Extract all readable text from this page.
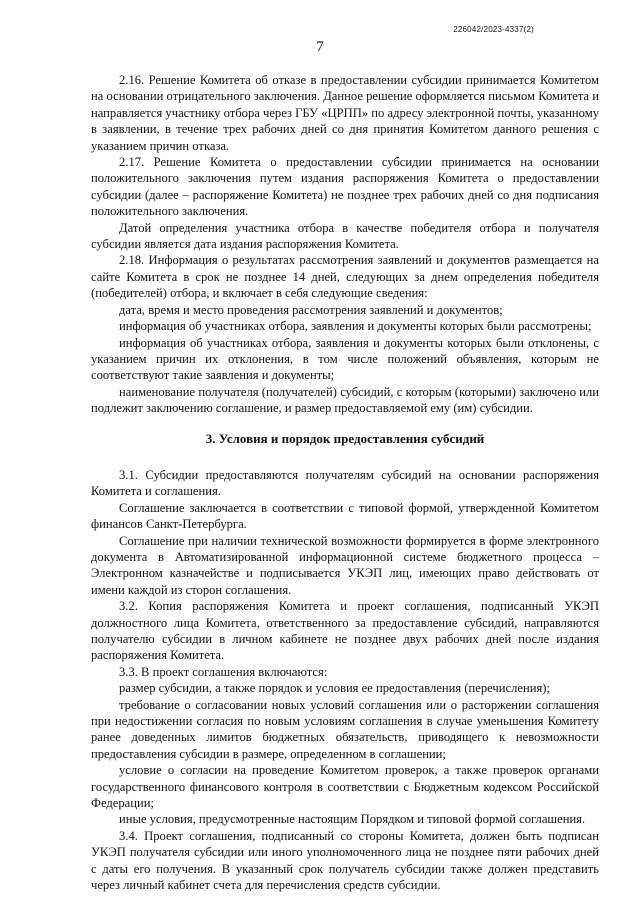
226042/2023-4337(2)
7

2.16. Решение Комитета об отказе в предоставлении субсидии принимается Комитетом на основании отрицательного заключения. Данное решение оформляется письмом Комитета и направляется участнику отбора через ГБУ «ЦРПП» по адресу электронной почты, указанному в заявлении, в течение трех рабочих дней со дня принятия Комитетом данного решения с указанием причин отказа.

2.17. Решение Комитета о предоставлении субсидии принимается на основании положительного заключения путем издания распоряжения Комитета о предоставлении субсидии (далее – распоряжение Комитета) не позднее трех рабочих дней со дня подписания положительного заключения.

Датой определения участника отбора в качестве победителя отбора и получателя субсидии является дата издания распоряжения Комитета.

2.18. Информация о результатах рассмотрения заявлений и документов размещается на сайте Комитета в срок не позднее 14 дней, следующих за днем определения победителя (победителей) отбора, и включает в себя следующие сведения:

дата, время и место проведения рассмотрения заявлений и документов;

информация об участниках отбора, заявления и документы которых были рассмотрены;

информация об участниках отбора, заявления и документы которых были отклонены, с указанием причин их отклонения, в том числе положений объявления, которым не соответствуют такие заявления и документы;

наименование получателя (получателей) субсидий, с которым (которыми) заключено или подлежит заключению соглашение, и размер предоставляемой ему (им) субсидии.

3. Условия и порядок предоставления субсидий

3.1. Субсидии предоставляются получателям субсидий на основании распоряжения Комитета и соглашения.

Соглашение заключается в соответствии с типовой формой, утвержденной Комитетом финансов Санкт-Петербурга.

Соглашение при наличии технической возможности формируется в форме электронного документа в Автоматизированной информационной системе бюджетного процесса – Электронном казначействе и подписывается УКЭП лиц, имеющих право действовать от имени каждой из сторон соглашения.

3.2. Копия распоряжения Комитета и проект соглашения, подписанный УКЭП должностного лица Комитета, ответственного за предоставление субсидий, направляются получателю субсидии в личном кабинете не позднее двух рабочих дней после издания распоряжения Комитета.

3.3. В проект соглашения включаются:

размер субсидии, а также порядок и условия ее предоставления (перечисления);

требование о согласовании новых условий соглашения или о расторжении соглашения при недостижении согласия по новым условиям соглашения в случае уменьшения Комитету ранее доведенных лимитов бюджетных обязательств, приводящего к невозможности предоставления субсидии в размере, определенном в соглашении;

условие о согласии на проведение Комитетом проверок, а также проверок органами государственного финансового контроля в соответствии с Бюджетным кодексом Российской Федерации;

иные условия, предусмотренные настоящим Порядком и типовой формой соглашения.

3.4. Проект соглашения, подписанный со стороны Комитета, должен быть подписан УКЭП получателя субсидии или иного уполномоченного лица не позднее пяти рабочих дней с даты его получения. В указанный срок получатель субсидии также должен представить через личный кабинет счета для перечисления средств субсидии.
